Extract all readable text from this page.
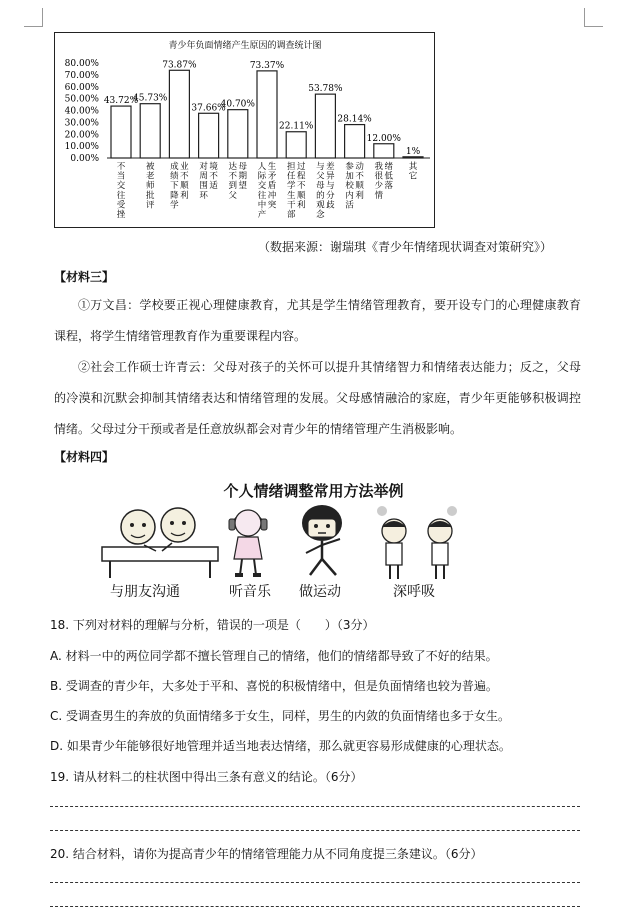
青少年负面情绪产生原因的调查统计图
0.00%
10.00%
20.00%
30.00%
40.00%
50.00%
60.00%
70.00%
80.00%
43.72%
45.73%
73.87%
37.66%
40.70%
73.37%
22.11%
53.78%
28.14%
12.00%
1%
不当交往受挫
被老师批评
成绩下降学业不顺利
对周围环境不适
达不到父母期望
人际交往中产生矛盾冲突
担任学生干部过程不顺利
与父母的观念差异与分歧
参加校内活动不顺利
我很少情绪低落
其它
（数据来源：谢瑞琪《青少年情绪现状调查对策研究》）
【材料三】

①万文昌：学校要正视心理健康教育，尤其是学生情绪管理教育，要开设专门的心理健康教育课程，将学生情绪管理教育作为重要课程内容。

②社会工作硕士许青云：父母对孩子的关怀可以提升其情绪智力和情绪表达能力；反之，父母的冷漠和沉默会抑制其情绪表达和情绪管理的发展。父母感情融洽的家庭，青少年更能够积极调控情绪。父母过分干预或者是任意放纵都会对青少年的情绪管理产生消极影响。

【材料四】
个人情绪调整常用方法举例
与朋友沟通	听音乐 做运动	深呼吸
18. 下列对材料的理解与分析，错误的一项是（　　）（3分）
A. 材料一中的两位同学都不擅长管理自己的情绪，他们的情绪都导致了不好的结果。
B. 受调查的青少年，大多处于平和、喜悦的积极情绪中，但是负面情绪也较为普遍。
C. 受调查男生的奔放的负面情绪多于女生，同样，男生的内敛的负面情绪也多于女生。
D. 如果青少年能够很好地管理并适当地表达情绪，那么就更容易形成健康的心理状态。
19. 请从材料二的柱状图中得出三条有意义的结论。（6分）
20. 结合材料，请你为提高青少年的情绪管理能力从不同角度提三条建议。（6分）
